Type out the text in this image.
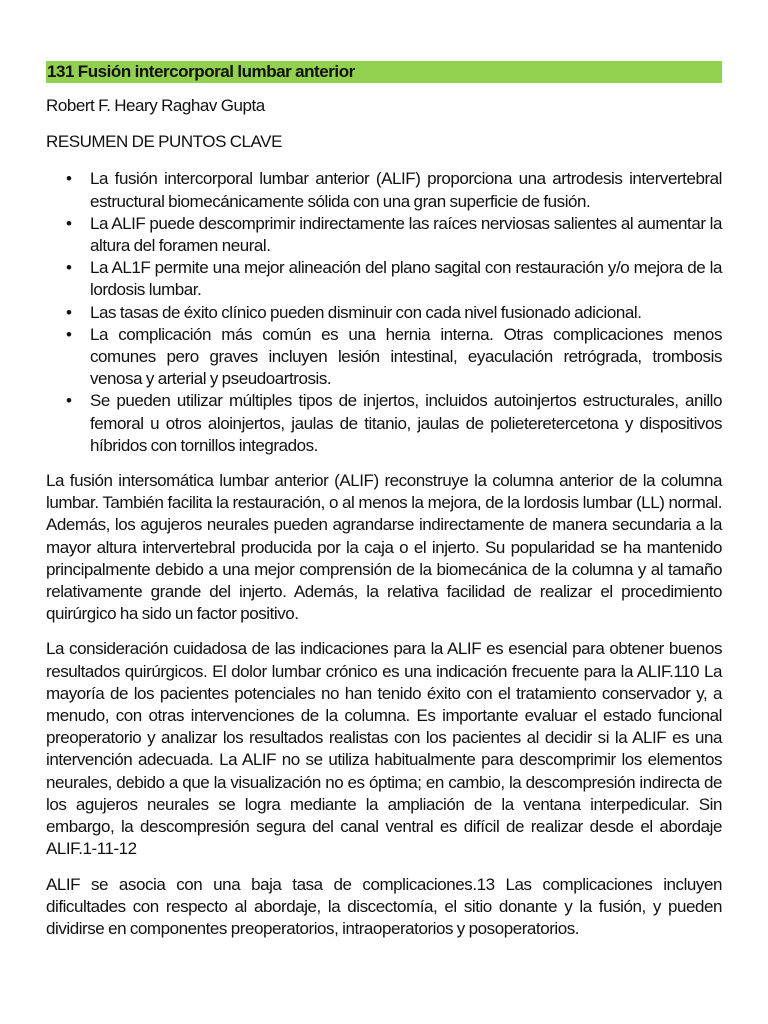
131 Fusión intercorporal lumbar anterior
Robert F. Heary Raghav Gupta
RESUMEN DE PUNTOS CLAVE
• La fusión intercorporal lumbar anterior (ALIF) proporciona una artrodesis intervertebral estructural biomecánicamente sólida con una gran superficie de fusión.
• La ALIF puede descomprimir indirectamente las raíces nerviosas salientes al aumentar la altura del foramen neural.
• La AL1F permite una mejor alineación del plano sagital con restauración y/o mejora de la lordosis lumbar.
• Las tasas de éxito clínico pueden disminuir con cada nivel fusionado adicional.
• La complicación más común es una hernia interna. Otras complicaciones menos comunes pero graves incluyen lesión intestinal, eyaculación retrógrada, trombosis venosa y arterial y pseudoartrosis.
• Se pueden utilizar múltiples tipos de injertos, incluidos autoinjertos estructurales, anillo femoral u otros aloinjertos, jaulas de titanio, jaulas de polieteretercetona y dispositivos híbridos con tornillos integrados.

La fusión intersomática lumbar anterior (ALIF) reconstruye la columna anterior de la columna lumbar. También facilita la restauración, o al menos la mejora, de la lordosis lumbar (LL) normal. Además, los agujeros neurales pueden agrandarse indirectamente de manera secundaria a la mayor altura intervertebral producida por la caja o el injerto. Su popularidad se ha mantenido principalmente debido a una mejor comprensión de la biomecánica de la columna y al tamaño relativamente grande del injerto. Además, la relativa facilidad de realizar el procedimiento quirúrgico ha sido un factor positivo.

La consideración cuidadosa de las indicaciones para la ALIF es esencial para obtener buenos resultados quirúrgicos. El dolor lumbar crónico es una indicación frecuente para la ALIF.110 La mayoría de los pacientes potenciales no han tenido éxito con el tratamiento conservador y, a menudo, con otras intervenciones de la columna. Es importante evaluar el estado funcional preoperatorio y analizar los resultados realistas con los pacientes al decidir si la ALIF es una intervención adecuada. La ALIF no se utiliza habitualmente para descomprimir los elementos neurales, debido a que la visualización no es óptima; en cambio, la descompresión indirecta de los agujeros neurales se logra mediante la ampliación de la ventana interpedicular. Sin embargo, la descompresión segura del canal ventral es difícil de realizar desde el abordaje ALIF.1-11-12

ALIF se asocia con una baja tasa de complicaciones.13 Las complicaciones incluyen dificultades con respecto al abordaje, la discectomía, el sitio donante y la fusión, y pueden dividirse en componentes preoperatorios, intraoperatorios y posoperatorios.
